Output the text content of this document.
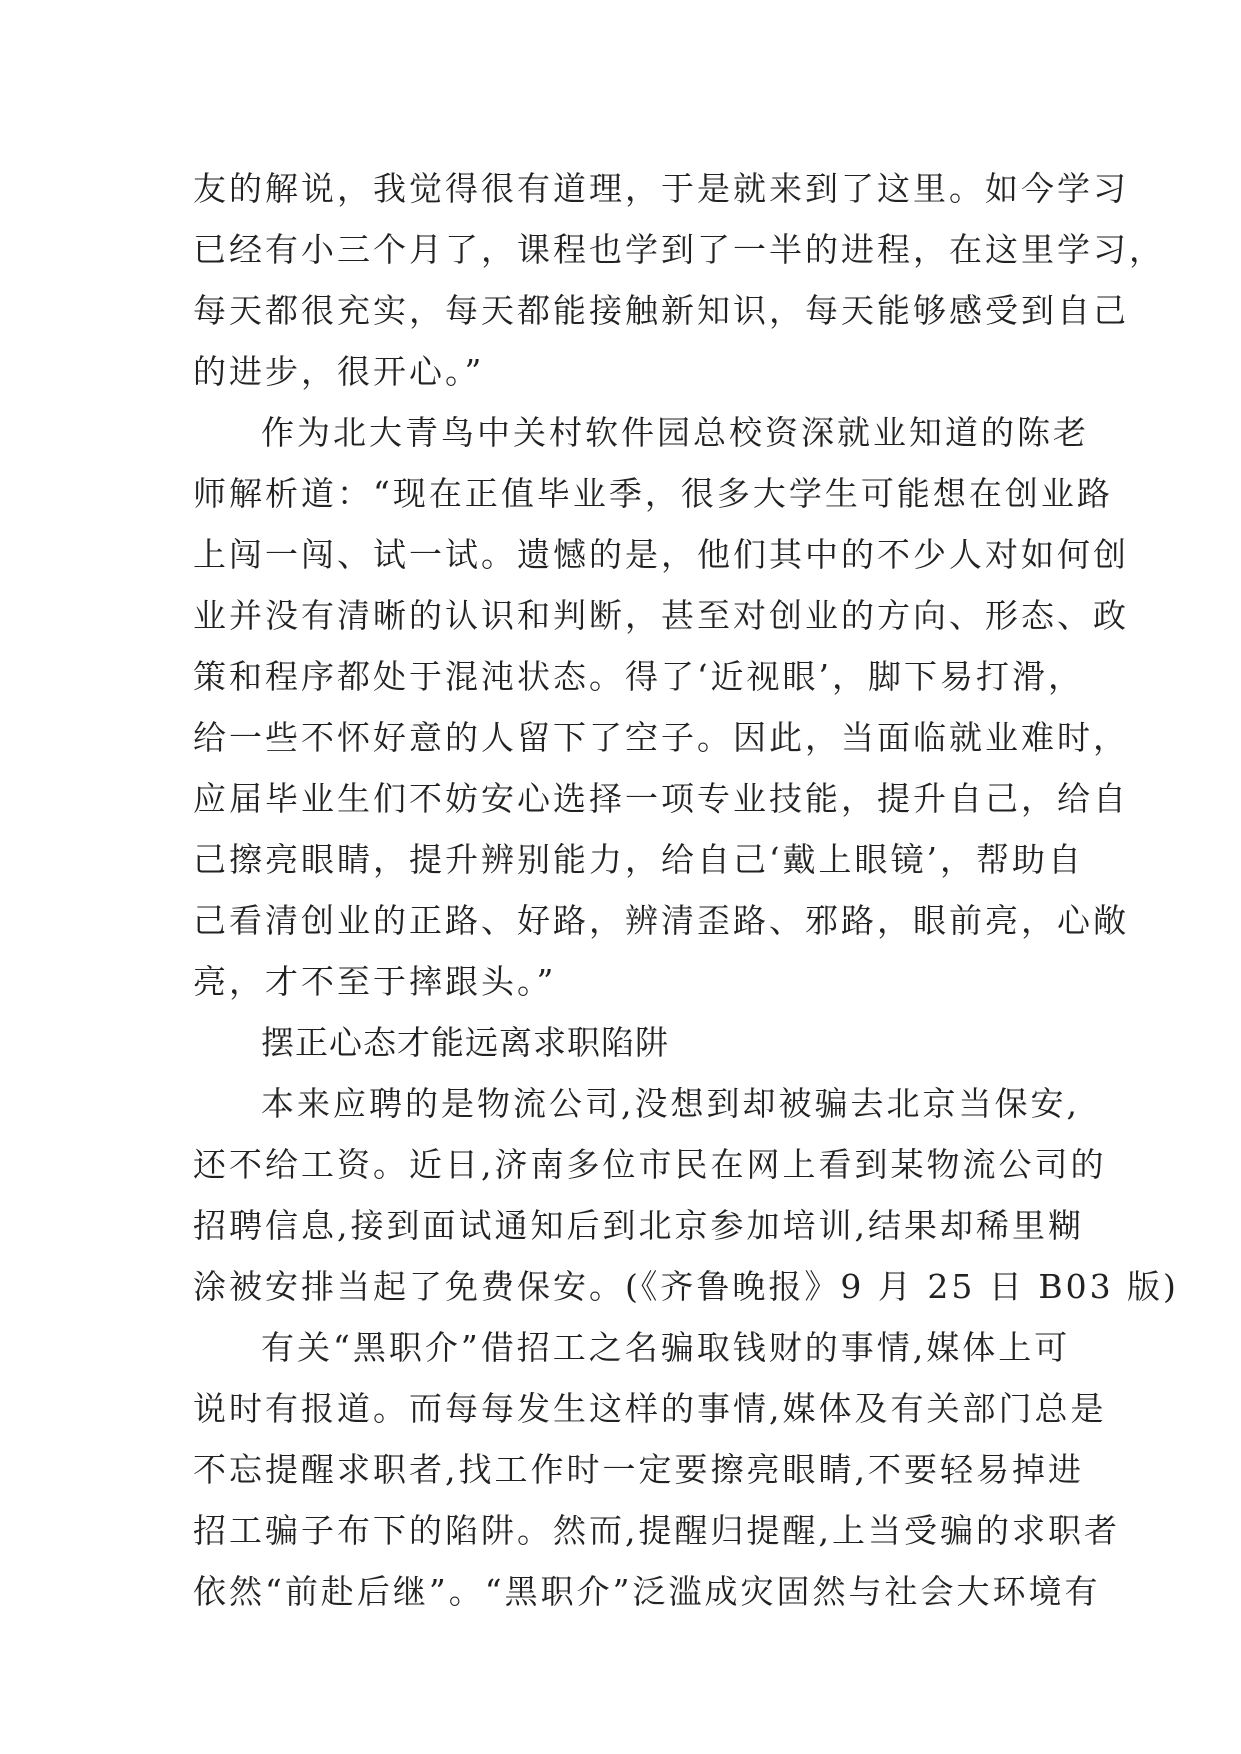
友的解说，我觉得很有道理，于是就来到了这里。如今学习
已经有小三个月了，课程也学到了一半的进程，在这里学习，
每天都很充实，每天都能接触新知识，每天能够感受到自己
的进步，很开心。”
作为北大青鸟中关村软件园总校资深就业知道的陈老
师解析道：“现在正值毕业季，很多大学生可能想在创业路
上闯一闯、试一试。遗憾的是，他们其中的不少人对如何创
业并没有清晰的认识和判断，甚至对创业的方向、形态、政
策和程序都处于混沌状态。得了‘近视眼’，脚下易打滑，
给一些不怀好意的人留下了空子。因此，当面临就业难时，
应届毕业生们不妨安心选择一项专业技能，提升自己，给自
己擦亮眼睛，提升辨别能力，给自己‘戴上眼镜’，帮助自
己看清创业的正路、好路，辨清歪路、邪路，眼前亮，心敞
亮，才不至于摔跟头。”
摆正心态才能远离求职陷阱
本来应聘的是物流公司,没想到却被骗去北京当保安,
还不给工资。近日,济南多位市民在网上看到某物流公司的
招聘信息,接到面试通知后到北京参加培训,结果却稀里糊
涂被安排当起了免费保安。(《齐鲁晚报》9 月 25 日 B03 版)
有关“黑职介”借招工之名骗取钱财的事情,媒体上可
说时有报道。而每每发生这样的事情,媒体及有关部门总是
不忘提醒求职者,找工作时一定要擦亮眼睛,不要轻易掉进
招工骗子布下的陷阱。然而,提醒归提醒,上当受骗的求职者
依然“前赴后继”。“黑职介”泛滥成灾固然与社会大环境有
